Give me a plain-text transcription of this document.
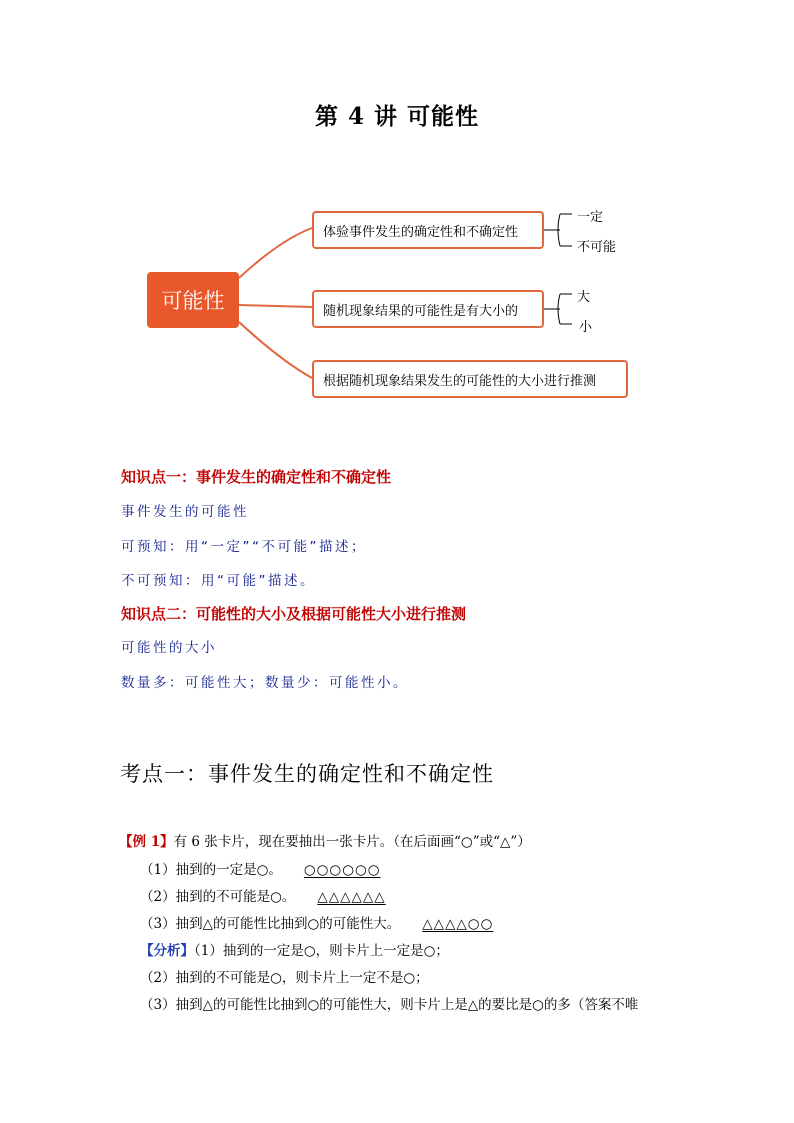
第 4 讲 可能性
可能性
体验事件发生的确定性和不确定性
随机现象结果的可能性是有大小的
根据随机现象结果发生的可能性的大小进行推测
一定
不可能
大
小
知识点一：事件发生的确定性和不确定性
事件发生的可能性
可预知：用“一定”“不可能”描述；
不可预知：用“可能”描述。
知识点二：可能性的大小及根据可能性大小进行推测
可能性的大小
数量多：可能性大；数量少：可能性小。
考点一：事件发生的确定性和不确定性
【例 1】有 6 张卡片，现在要抽出一张卡片。（在后面画“○”或“△”）
（1）抽到的一定是○。 ○○○○○○
（2）抽到的不可能是○。 △△△△△△
（3）抽到△的可能性比抽到○的可能性大。 △△△△○○
【分析】（1）抽到的一定是○，则卡片上一定是○；
（2）抽到的不可能是○，则卡片上一定不是○；
（3）抽到△的可能性比抽到○的可能性大，则卡片上是△的要比是○的多（答案不唯
